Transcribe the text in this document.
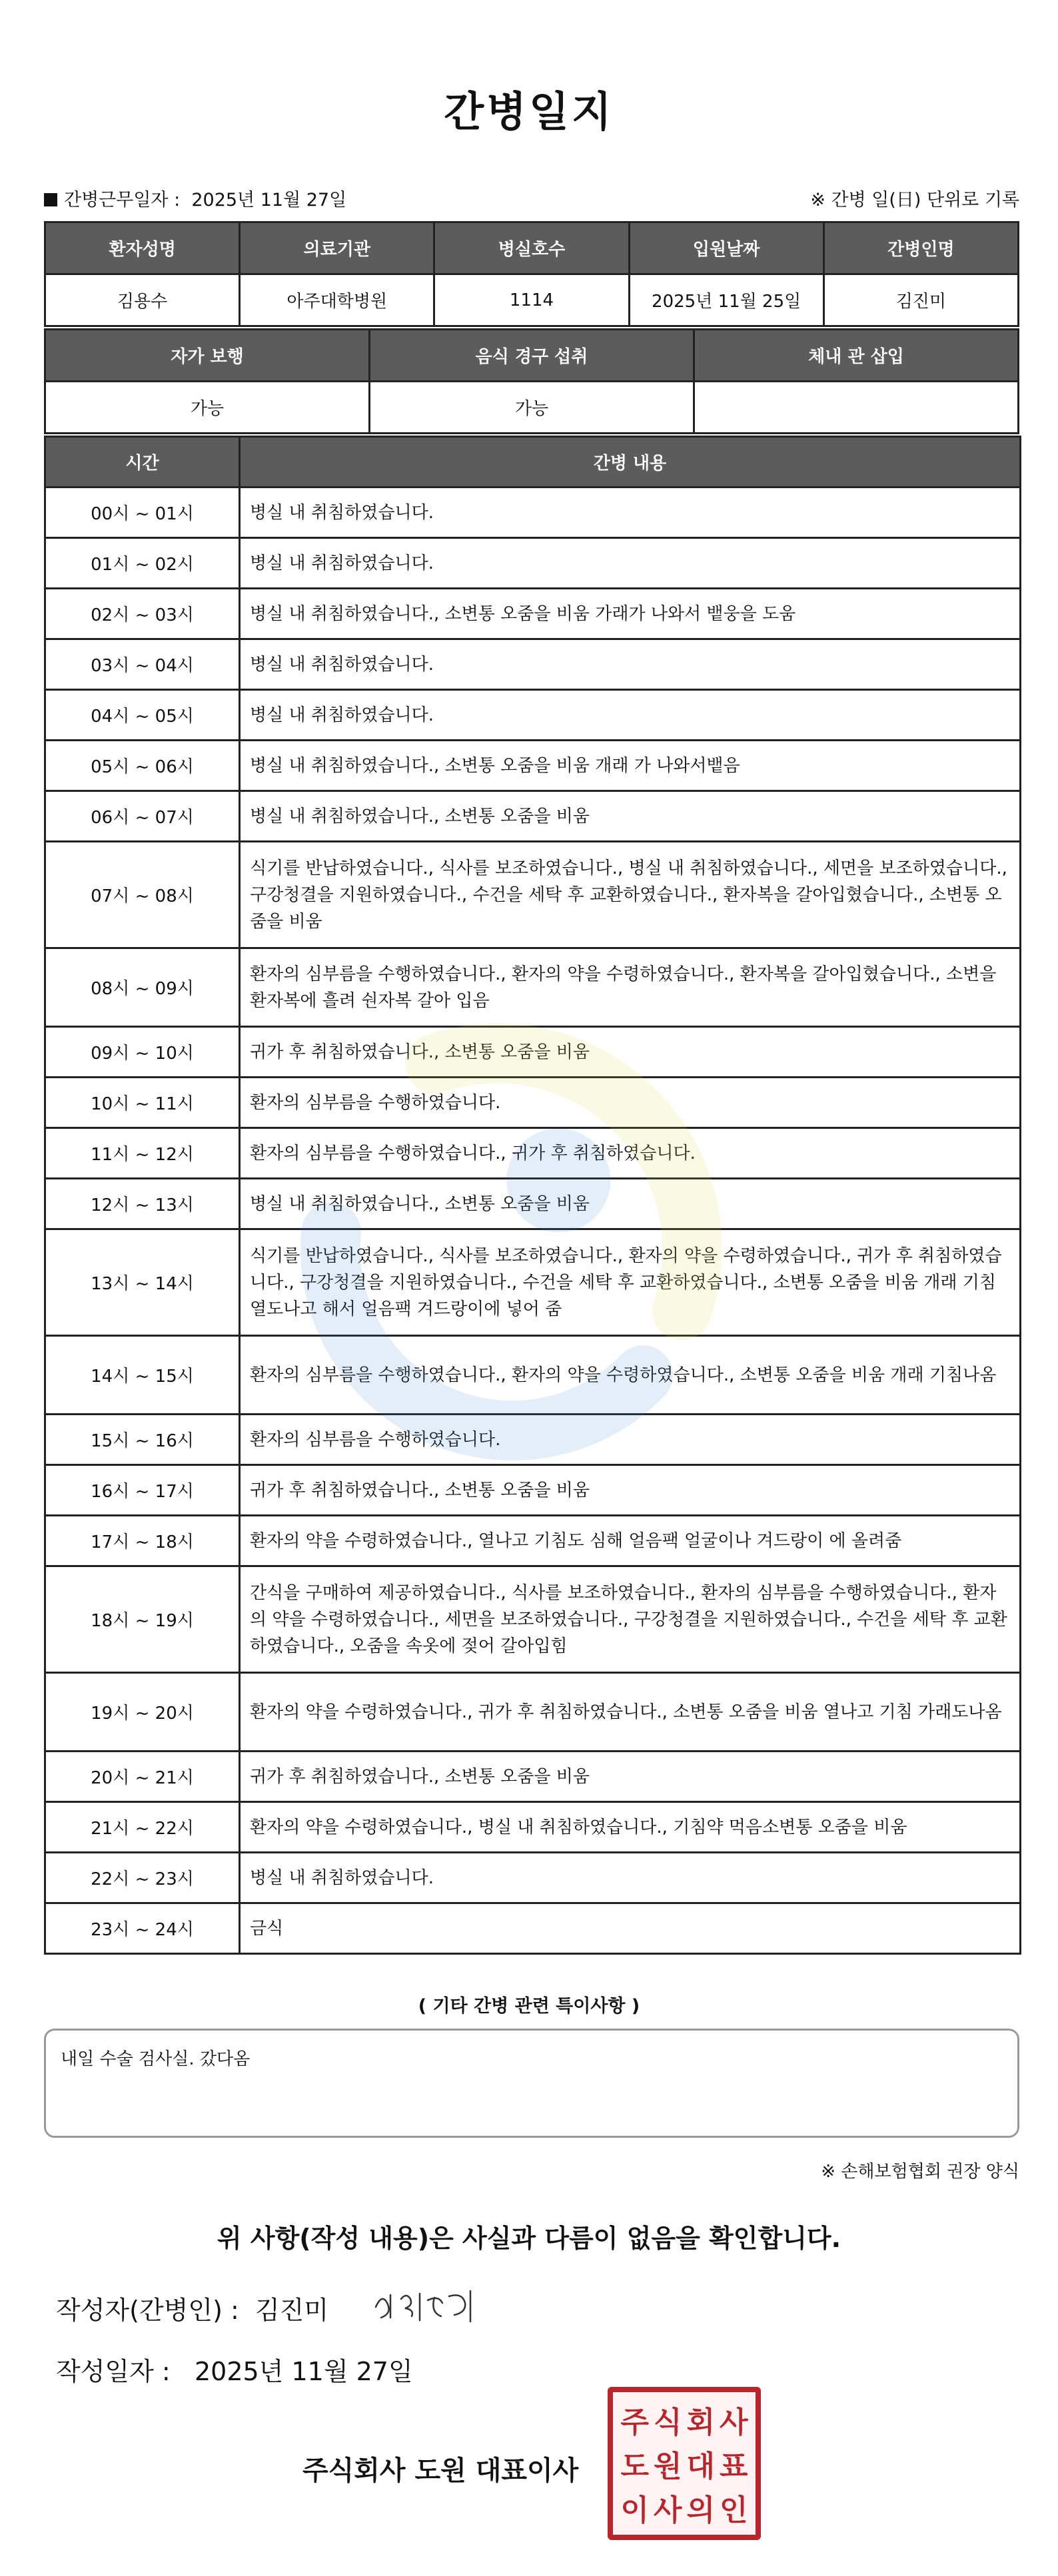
간병일지
간병근무일자 : 2025년 11월 27일	※ 간병 일(日) 단위로 기록
환자성명	의료기관	병실호수	입원날짜	간병인명
김용수	아주대학병원	1114	2025년 11월 25일	김진미
자가 보행	음식 경구 섭취	체내 관 삽입
가능	가능	
시간	간병 내용
00시 ~ 01시	병실 내 취침하였습니다.
01시 ~ 02시	병실 내 취침하였습니다.
02시 ~ 03시	병실 내 취침하였습니다., 소변통 오줌을 비움 가래가 나와서 뱉웅을 도움
03시 ~ 04시	병실 내 취침하였습니다.
04시 ~ 05시	병실 내 취침하였습니다.
05시 ~ 06시	병실 내 취침하였습니다., 소변통 오줌을 비움 개래 가 나와서뱉음
06시 ~ 07시	병실 내 취침하였습니다., 소변통 오줌을 비움
07시 ~ 08시	식기를 반납하였습니다., 식사를 보조하였습니다., 병실 내 취침하였습니다., 세면을 보조하였습니다., 구강청결을 지원하였습니다., 수건을 세탁 후 교환하였습니다., 환자복을 갈아입혔습니다., 소변통 오줌을 비움
08시 ~ 09시	환자의 심부름을 수행하였습니다., 환자의 약을 수령하였습니다., 환자복을 갈아입혔습니다., 소변을 환자복에 흘려 숸자복 갈아 입음
09시 ~ 10시	귀가 후 취침하였습니다., 소변통 오줌을 비움
10시 ~ 11시	환자의 심부름을 수행하였습니다.
11시 ~ 12시	환자의 심부름을 수행하였습니다., 귀가 후 취침하였습니다.
12시 ~ 13시	병실 내 취침하였습니다., 소변통 오줌을 비움
13시 ~ 14시	식기를 반납하였습니다., 식사를 보조하였습니다., 환자의 약을 수령하였습니다., 귀가 후 취침하였습니다., 구강청결을 지원하였습니다., 수건을 세탁 후 교환하였습니다., 소변통 오줌을 비움 개래 기침 열도나고 해서 얼음팩 겨드랑이에 넣어 줌
14시 ~ 15시	환자의 심부름을 수행하였습니다., 환자의 약을 수령하였습니다., 소변통 오줌을 비움 개래 기침나옴
15시 ~ 16시	환자의 심부름을 수행하였습니다.
16시 ~ 17시	귀가 후 취침하였습니다., 소변통 오줌을 비움
17시 ~ 18시	환자의 약을 수령하였습니다., 열나고 기침도 심해 얼음팩 얼굴이나 겨드랑이 에 올려줌
18시 ~ 19시	간식을 구매하여 제공하였습니다., 식사를 보조하였습니다., 환자의 심부름을 수행하였습니다., 환자의 약을 수령하였습니다., 세면을 보조하였습니다., 구강청결을 지원하였습니다., 수건을 세탁 후 교환하였습니다., 오줌을 속옷에 젖어 갈아입힘
19시 ~ 20시	환자의 약을 수령하였습니다., 귀가 후 취침하였습니다., 소변통 오줌을 비움 열나고 기침 가래도나옴
20시 ~ 21시	귀가 후 취침하였습니다., 소변통 오줌을 비움
21시 ~ 22시	환자의 약을 수령하였습니다., 병실 내 취침하였습니다., 기침약 먹음소변통 오줌을 비움
22시 ~ 23시	병실 내 취침하였습니다.
23시 ~ 24시	금식
( 기타 간병 관련 특이사항 )
내일 수술 검사실. 갔다옴
※ 손해보험협회 권장 양식
위 사항(작성 내용)은 사실과 다름이 없음을 확인합니다.
작성자(간병인) : 김진미
작성일자 : 2025년 11월 27일
주식회사 도원 대표이사
주 식 회 사
도 원 대 표
이 사 의 인
